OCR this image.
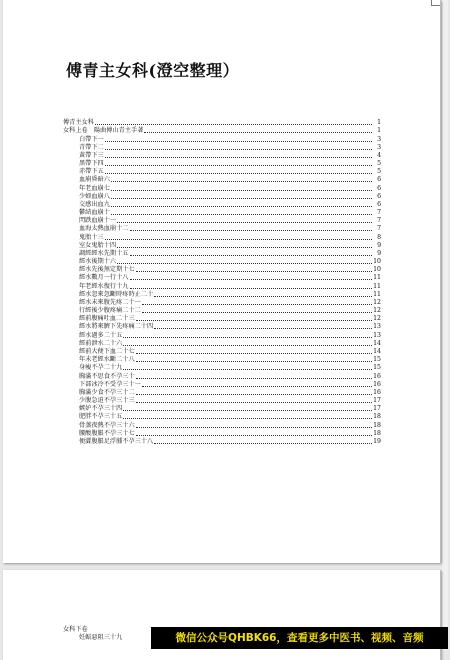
傅青主女科(澄空整理）
傅青主女科	1
女科上卷　陽曲傅山青主手著	1
白帶下一	3
青帶下二	3
黃帶下三	4
黑帶下四	5
赤帶下五	5
血崩昏暗六	6
年老血崩七	6
少婦血崩八	6
交感出血九	6
鬱結血崩十	7
閃跌血崩十一	7
血海太熱血崩十二	7
鬼胎十三	8
室女鬼胎十四	9
調經經水先期十五	9
經水後期十六	10
經水先後無定期十七	10
經水數月一行十八	11
年老經水復行十九	11
經水忽來忽斷時疼時止二十	11
經水未來腹先疼二十一	12
行經後少腹疼痛二十二	12
經前腹痛吐血二十三	12
經水將來臍下先疼痛二十四	13
經水過多二十五	13
經前泄水二十六	14
經前大便下血二十七	14
年未老經水斷二十八	15
身瘦不孕二十九	15
胸滿不思食不孕三十	16
下部冰冷不受孕三十一	16
胸滿少食不孕三十二	16
少腹急迫不孕三十三	17
嫉妒不孕三十四	17
肥胖不孕三十五	18
骨蒸夜熱不孕三十六	18
腰酸腹脹不孕三十七	18
便澀腹脹足浮腫不孕三十八	19
女科下卷
妊娠惡阻三十九	微信公众号QHBK66，查看更多中医书、视频、音频
